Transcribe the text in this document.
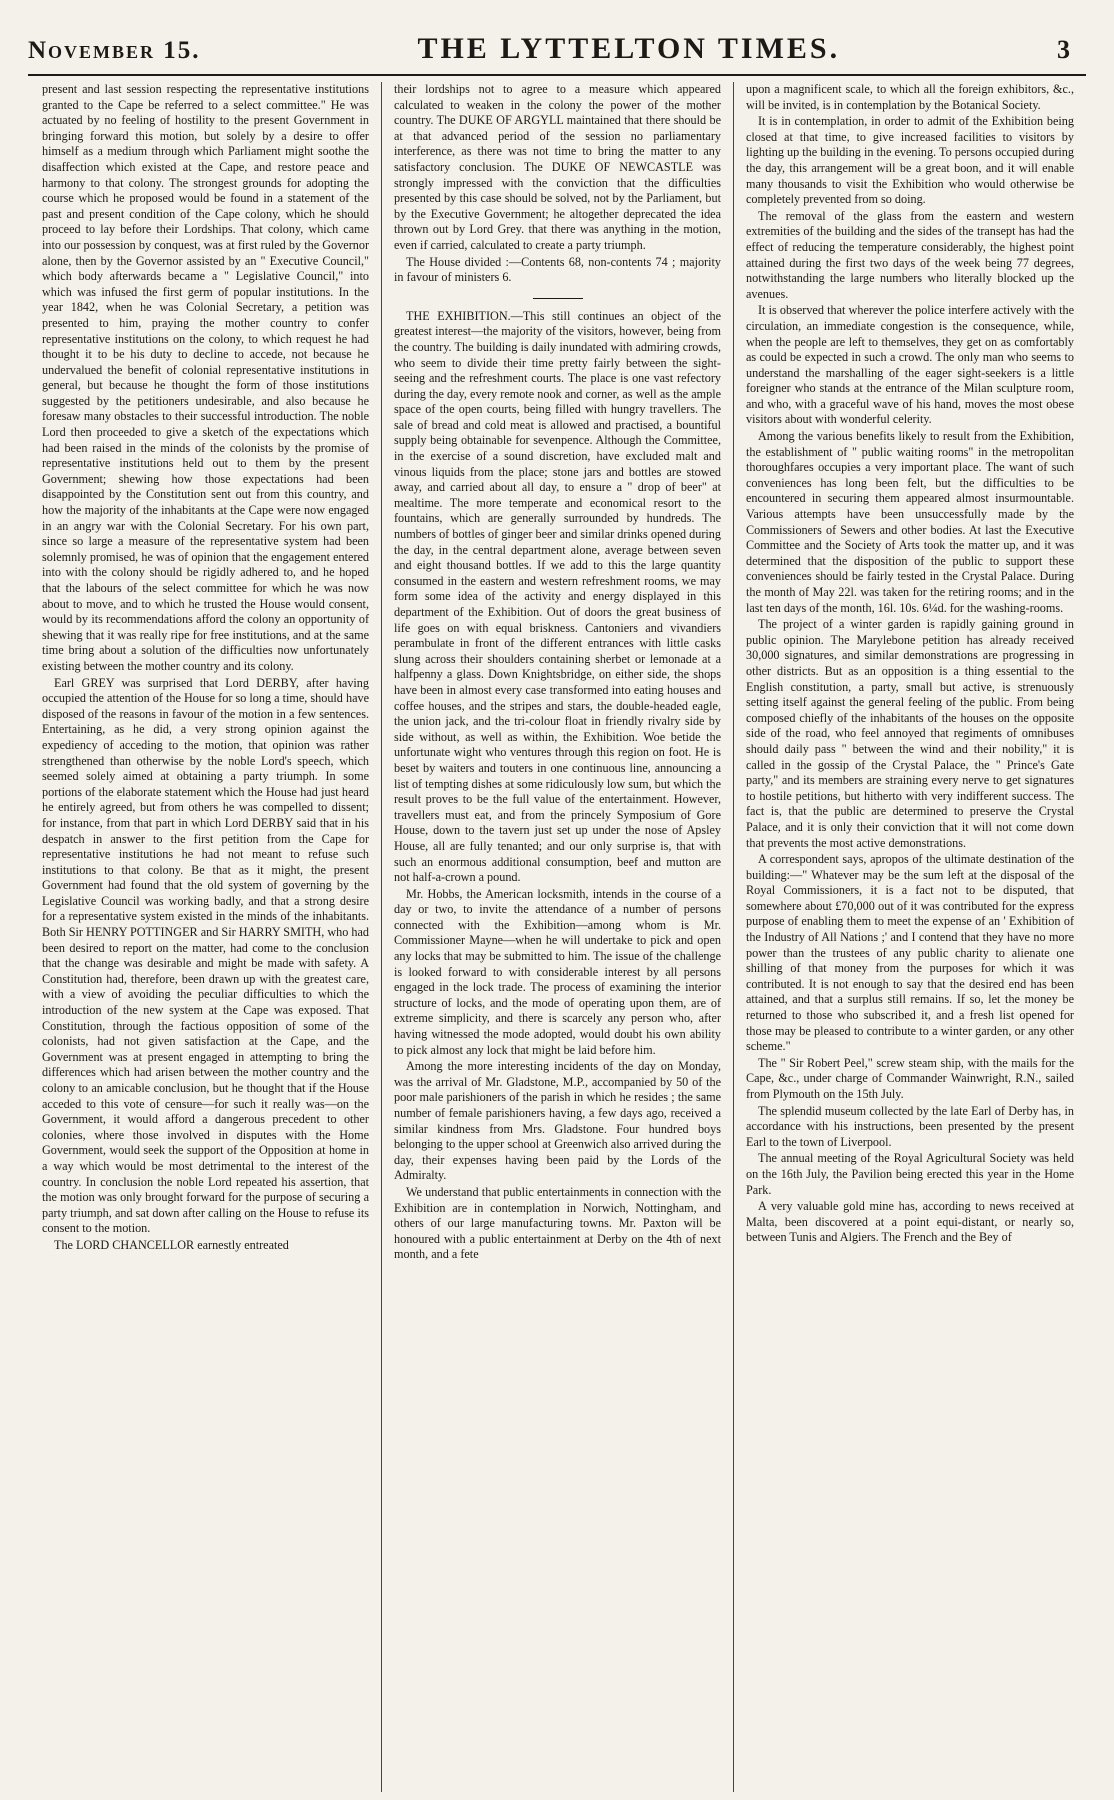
November 15.	THE LYTTELTON TIMES.	3

present and last session respecting the representative institutions granted to the Cape be referred to a select committee." He was actuated by no feeling of hostility to the present Government in bringing forward this motion, but solely by a desire to offer himself as a medium through which Parliament might soothe the disaffection which existed at the Cape, and restore peace and harmony to that colony. The strongest grounds for adopting the course which he proposed would be found in a statement of the past and present condition of the Cape colony, which he should proceed to lay before their Lordships. That colony, which came into our possession by conquest, was at first ruled by the Governor alone, then by the Governor assisted by an " Executive Council," which body afterwards became a " Legislative Council," into which was infused the first germ of popular institutions. In the year 1842, when he was Colonial Secretary, a petition was presented to him, praying the mother country to confer representative institutions on the colony, to which request he had thought it to be his duty to decline to accede, not because he undervalued the benefit of colonial representative institutions in general, but because he thought the form of those institutions suggested by the petitioners undesirable, and also because he foresaw many obstacles to their successful introduction. The noble Lord then proceeded to give a sketch of the expectations which had been raised in the minds of the colonists by the promise of representative institutions held out to them by the present Government; shewing how those expectations had been disappointed by the Constitution sent out from this country, and how the majority of the inhabitants at the Cape were now engaged in an angry war with the Colonial Secretary. For his own part, since so large a measure of the representative system had been solemnly promised, he was of opinion that the engagement entered into with the colony should be rigidly adhered to, and he hoped that the labours of the select committee for which he was now about to move, and to which he trusted the House would consent, would by its recommendations afford the colony an opportunity of shewing that it was really ripe for free institutions, and at the same time bring about a solution of the difficulties now unfortunately existing between the mother country and its colony.

Earl GREY was surprised that Lord DERBY, after having occupied the attention of the House for so long a time, should have disposed of the reasons in favour of the motion in a few sentences. Entertaining, as he did, a very strong opinion against the expediency of acceding to the motion, that opinion was rather strengthened than otherwise by the noble Lord's speech, which seemed solely aimed at obtaining a party triumph. In some portions of the elaborate statement which the House had just heard he entirely agreed, but from others he was compelled to dissent; for instance, from that part in which Lord DERBY said that in his despatch in answer to the first petition from the Cape for representative institutions he had not meant to refuse such institutions to that colony. Be that as it might, the present Government had found that the old system of governing by the Legislative Council was working badly, and that a strong desire for a representative system existed in the minds of the inhabitants. Both Sir HENRY POTTINGER and Sir HARRY SMITH, who had been desired to report on the matter, had come to the conclusion that the change was desirable and might be made with safety. A Constitution had, therefore, been drawn up with the greatest care, with a view of avoiding the peculiar difficulties to which the introduction of the new system at the Cape was exposed. That Constitution, through the factious opposition of some of the colonists, had not given satisfaction at the Cape, and the Government was at present engaged in attempting to bring the differences which had arisen between the mother country and the colony to an amicable conclusion, but he thought that if the House acceded to this vote of censure—for such it really was—on the Government, it would afford a dangerous precedent to other colonies, where those involved in disputes with the Home Government, would seek the support of the Opposition at home in a way which would be most detrimental to the interest of the country. In conclusion the noble Lord repeated his assertion, that the motion was only brought forward for the purpose of securing a party triumph, and sat down after calling on the House to refuse its consent to the motion.

The LORD CHANCELLOR earnestly entreated

their lordships not to agree to a measure which appeared calculated to weaken in the colony the power of the mother country. The DUKE OF ARGYLL maintained that there should be at that advanced period of the session no parliamentary interference, as there was not time to bring the matter to any satisfactory conclusion. The DUKE OF NEWCASTLE was strongly impressed with the conviction that the difficulties presented by this case should be solved, not by the Parliament, but by the Executive Government; he altogether deprecated the idea thrown out by Lord Grey. that there was anything in the motion, even if carried, calculated to create a party triumph.

The House divided :—Contents 68, non-contents 74 ; majority in favour of ministers 6.

THE EXHIBITION.—This still continues an object of the greatest interest—the majority of the visitors, however, being from the country. The building is daily inundated with admiring crowds, who seem to divide their time pretty fairly between the sight-seeing and the refreshment courts. The place is one vast refectory during the day, every remote nook and corner, as well as the ample space of the open courts, being filled with hungry travellers. The sale of bread and cold meat is allowed and practised, a bountiful supply being obtainable for sevenpence. Although the Committee, in the exercise of a sound discretion, have excluded malt and vinous liquids from the place; stone jars and bottles are stowed away, and carried about all day, to ensure a " drop of beer" at mealtime. The more temperate and economical resort to the fountains, which are generally surrounded by hundreds. The numbers of bottles of ginger beer and similar drinks opened during the day, in the central department alone, average between seven and eight thousand bottles. If we add to this the large quantity consumed in the eastern and western refreshment rooms, we may form some idea of the activity and energy displayed in this department of the Exhibition. Out of doors the great business of life goes on with equal briskness. Cantoniers and vivandiers perambulate in front of the different entrances with little casks slung across their shoulders containing sherbet or lemonade at a halfpenny a glass. Down Knightsbridge, on either side, the shops have been in almost every case transformed into eating houses and coffee houses, and the stripes and stars, the double-headed eagle, the union jack, and the tri-colour float in friendly rivalry side by side without, as well as within, the Exhibition. Woe betide the unfortunate wight who ventures through this region on foot. He is beset by waiters and touters in one continuous line, announcing a list of tempting dishes at some ridiculously low sum, but which the result proves to be the full value of the entertainment. However, travellers must eat, and from the princely Symposium of Gore House, down to the tavern just set up under the nose of Apsley House, all are fully tenanted; and our only surprise is, that with such an enormous additional consumption, beef and mutton are not half-a-crown a pound.

Mr. Hobbs, the American locksmith, intends in the course of a day or two, to invite the attendance of a number of persons connected with the Exhibition—among whom is Mr. Commissioner Mayne—when he will undertake to pick and open any locks that may be submitted to him. The issue of the challenge is looked forward to with considerable interest by all persons engaged in the lock trade. The process of examining the interior structure of locks, and the mode of operating upon them, are of extreme simplicity, and there is scarcely any person who, after having witnessed the mode adopted, would doubt his own ability to pick almost any lock that might be laid before him.

Among the more interesting incidents of the day on Monday, was the arrival of Mr. Gladstone, M.P., accompanied by 50 of the poor male parishioners of the parish in which he resides ; the same number of female parishioners having, a few days ago, received a similar kindness from Mrs. Gladstone. Four hundred boys belonging to the upper school at Greenwich also arrived during the day, their expenses having been paid by the Lords of the Admiralty.

We understand that public entertainments in connection with the Exhibition are in contemplation in Norwich, Nottingham, and others of our large manufacturing towns. Mr. Paxton will be honoured with a public entertainment at Derby on the 4th of next month, and a fete

upon a magnificent scale, to which all the foreign exhibitors, &c., will be invited, is in contemplation by the Botanical Society.

It is in contemplation, in order to admit of the Exhibition being closed at that time, to give increased facilities to visitors by lighting up the building in the evening. To persons occupied during the day, this arrangement will be a great boon, and it will enable many thousands to visit the Exhibition who would otherwise be completely prevented from so doing.

The removal of the glass from the eastern and western extremities of the building and the sides of the transept has had the effect of reducing the temperature considerably, the highest point attained during the first two days of the week being 77 degrees, notwithstanding the large numbers who literally blocked up the avenues.

It is observed that wherever the police interfere actively with the circulation, an immediate congestion is the consequence, while, when the people are left to themselves, they get on as comfortably as could be expected in such a crowd. The only man who seems to understand the marshalling of the eager sight-seekers is a little foreigner who stands at the entrance of the Milan sculpture room, and who, with a graceful wave of his hand, moves the most obese visitors about with wonderful celerity.

Among the various benefits likely to result from the Exhibition, the establishment of " public waiting rooms" in the metropolitan thoroughfares occupies a very important place. The want of such conveniences has long been felt, but the difficulties to be encountered in securing them appeared almost insurmountable. Various attempts have been unsuccessfully made by the Commissioners of Sewers and other bodies. At last the Executive Committee and the Society of Arts took the matter up, and it was determined that the disposition of the public to support these conveniences should be fairly tested in the Crystal Palace. During the month of May 22l. was taken for the retiring rooms; and in the last ten days of the month, 16l. 10s. 6¼d. for the washing-rooms.

The project of a winter garden is rapidly gaining ground in public opinion. The Marylebone petition has already received 30,000 signatures, and similar demonstrations are progressing in other districts. But as an opposition is a thing essential to the English constitution, a party, small but active, is strenuously setting itself against the general feeling of the public. From being composed chiefly of the inhabitants of the houses on the opposite side of the road, who feel annoyed that regiments of omnibuses should daily pass " between the wind and their nobility," it is called in the gossip of the Crystal Palace, the " Prince's Gate party," and its members are straining every nerve to get signatures to hostile petitions, but hitherto with very indifferent success. The fact is, that the public are determined to preserve the Crystal Palace, and it is only their conviction that it will not come down that prevents the most active demonstrations.

A correspondent says, apropos of the ultimate destination of the building:—" Whatever may be the sum left at the disposal of the Royal Commissioners, it is a fact not to be disputed, that somewhere about £70,000 out of it was contributed for the express purpose of enabling them to meet the expense of an ' Exhibition of the Industry of All Nations ;' and I contend that they have no more power than the trustees of any public charity to alienate one shilling of that money from the purposes for which it was contributed. It is not enough to say that the desired end has been attained, and that a surplus still remains. If so, let the money be returned to those who subscribed it, and a fresh list opened for those may be pleased to contribute to a winter garden, or any other scheme."

The " Sir Robert Peel," screw steam ship, with the mails for the Cape, &c., under charge of Commander Wainwright, R.N., sailed from Plymouth on the 15th July.

The splendid museum collected by the late Earl of Derby has, in accordance with his instructions, been presented by the present Earl to the town of Liverpool.

The annual meeting of the Royal Agricultural Society was held on the 16th July, the Pavilion being erected this year in the Home Park.

A very valuable gold mine has, according to news received at Malta, been discovered at a point equi-distant, or nearly so, between Tunis and Algiers. The French and the Bey of
